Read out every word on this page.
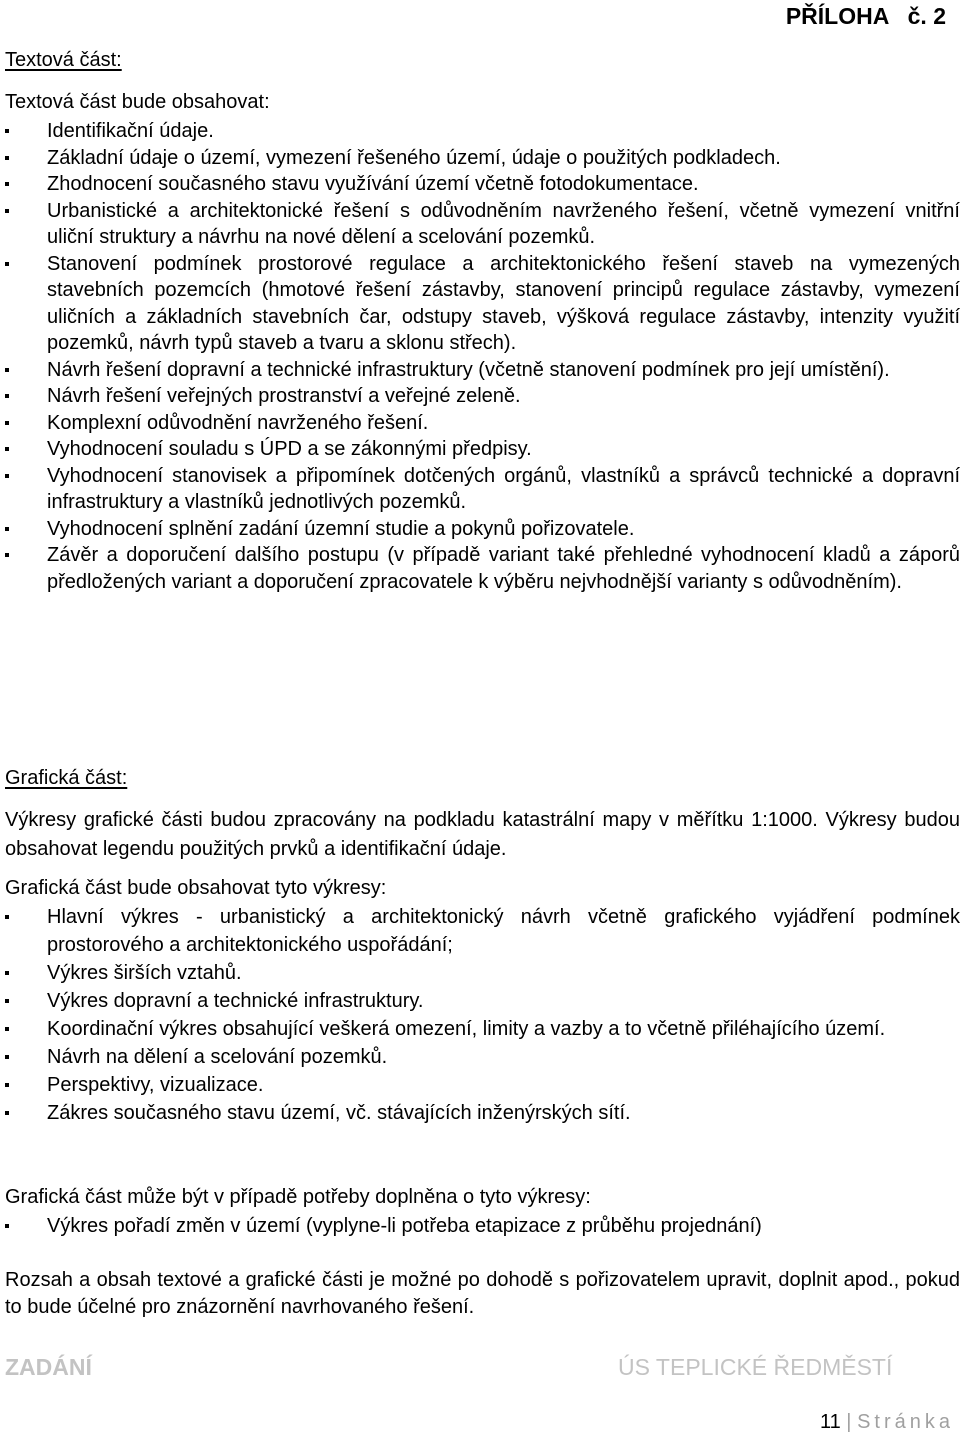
PŘÍLOHA   č. 2
Textová část:

Textová část bude obsahovat:

Identifikační údaje.
Základní údaje o území, vymezení řešeného území, údaje o použitých podkladech.
Zhodnocení současného stavu využívání území včetně fotodokumentace.
Urbanistické a architektonické řešení s odůvodněním navrženého řešení, včetně vymezení vnitřní uliční struktury a návrhu na nové dělení a scelování pozemků.
Stanovení podmínek prostorové regulace a architektonického řešení staveb na vymezených stavebních pozemcích (hmotové řešení zástavby, stanovení principů regulace zástavby, vymezení uličních a základních stavebních čar, odstupy staveb, výšková regulace zástavby, intenzity využití pozemků, návrh typů staveb a tvaru a sklonu střech).
Návrh řešení dopravní a technické infrastruktury (včetně stanovení podmínek pro její umístění).
Návrh řešení veřejných prostranství a veřejné zeleně.
Komplexní odůvodnění navrženého řešení.
Vyhodnocení souladu s ÚPD a se zákonnými předpisy.
Vyhodnocení stanovisek a připomínek dotčených orgánů, vlastníků a správců technické a dopravní infrastruktury a vlastníků jednotlivých pozemků.
Vyhodnocení splnění zadání územní studie a pokynů pořizovatele.
Závěr a doporučení dalšího postupu (v případě variant také přehledné vyhodnocení kladů a záporů předložených variant a doporučení zpracovatele k výběru nejvhodnější varianty s odůvodněním).
Grafická část:

Výkresy grafické části budou zpracovány na podkladu katastrální mapy v měřítku 1:1000. Výkresy budou obsahovat legendu použitých prvků a identifikační údaje.

Grafická část bude obsahovat tyto výkresy:

Hlavní výkres - urbanistický a architektonický návrh včetně grafického vyjádření podmínek prostorového a architektonického uspořádání;
Výkres širších vztahů.
Výkres dopravní a technické infrastruktury.
Koordinační výkres obsahující veškerá omezení, limity a vazby a to včetně přiléhajícího území.
Návrh na dělení a scelování pozemků.
Perspektivy, vizualizace.
Zákres současného stavu území, vč. stávajících inženýrských sítí.

Grafická část může být v případě potřeby doplněna o tyto výkresy:

Výkres pořadí změn v území (vyplyne-li potřeba etapizace z průběhu projednání)

Rozsah a obsah textové a grafické části je možné po dohodě s pořizovatelem upravit, doplnit apod., pokud to bude účelné pro znázornění navrhovaného řešení.

ZADÁNÍ	ÚS TEPLICKÉ ŘEDMĚSTÍ
11 | Stránka
